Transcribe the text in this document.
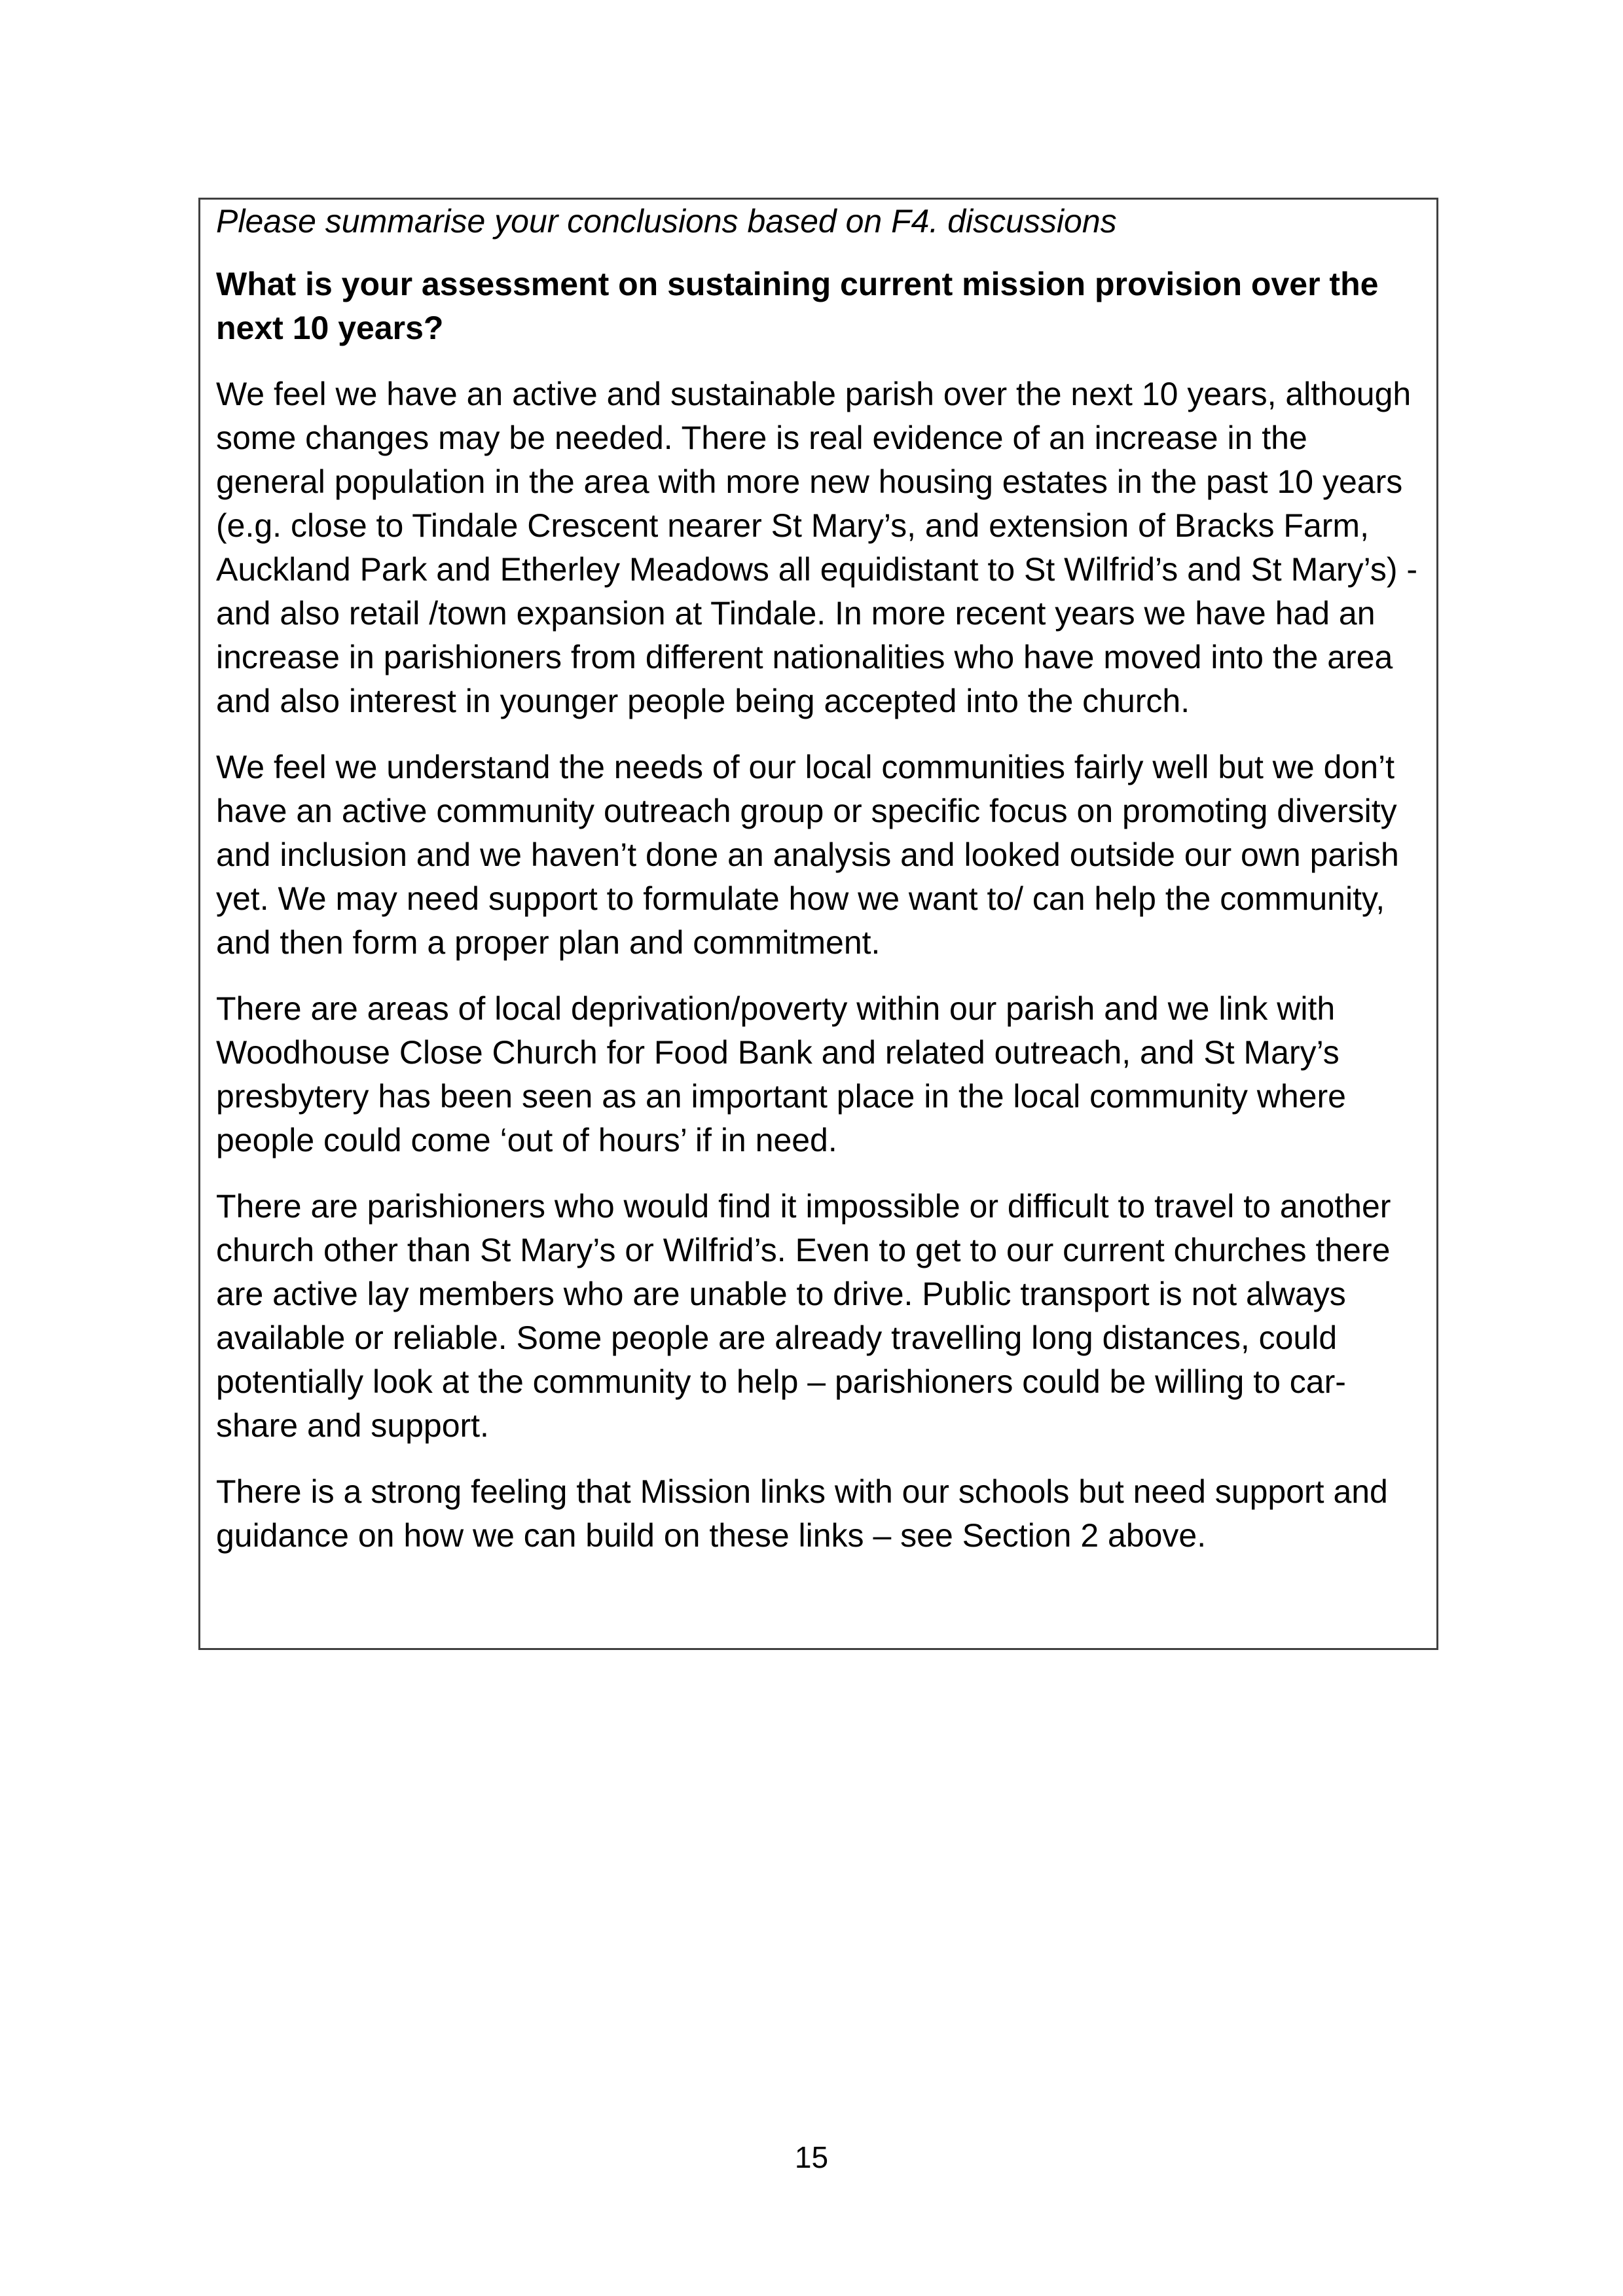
Please summarise your conclusions based on F4. discussions

What is your assessment on sustaining current mission provision over the next 10 years?

We feel we have an active and sustainable parish over the next 10 years, although some changes may be needed. There is real evidence of an increase in the general population in the area with more new housing estates in the past 10 years (e.g. close to Tindale Crescent nearer St Mary’s, and extension of Bracks Farm, Auckland Park and Etherley Meadows all equidistant to St Wilfrid’s and St Mary’s) - and also retail /town expansion at Tindale. In more recent years we have had an increase in parishioners from different nationalities who have moved into the area and also interest in younger people being accepted into the church.

We feel we understand the needs of our local communities fairly well but we don’t have an active community outreach group or specific focus on promoting diversity and inclusion and we haven’t done an analysis and looked outside our own parish yet. We may need support to formulate how we want to/ can help the community, and then form a proper plan and commitment.

There are areas of local deprivation/poverty within our parish and we link with Woodhouse Close Church for Food Bank and related outreach, and St Mary’s presbytery has been seen as an important place in the local community where people could come ‘out of hours’ if in need.

There are parishioners who would find it impossible or difficult to travel to another church other than St Mary’s or Wilfrid’s. Even to get to our current churches there are active lay members who are unable to drive. Public transport is not always available or reliable. Some people are already travelling long distances, could potentially look at the community to help – parishioners could be willing to car-share and support.

There is a strong feeling that Mission links with our schools but need support and guidance on how we can build on these links – see Section 2 above.

15
